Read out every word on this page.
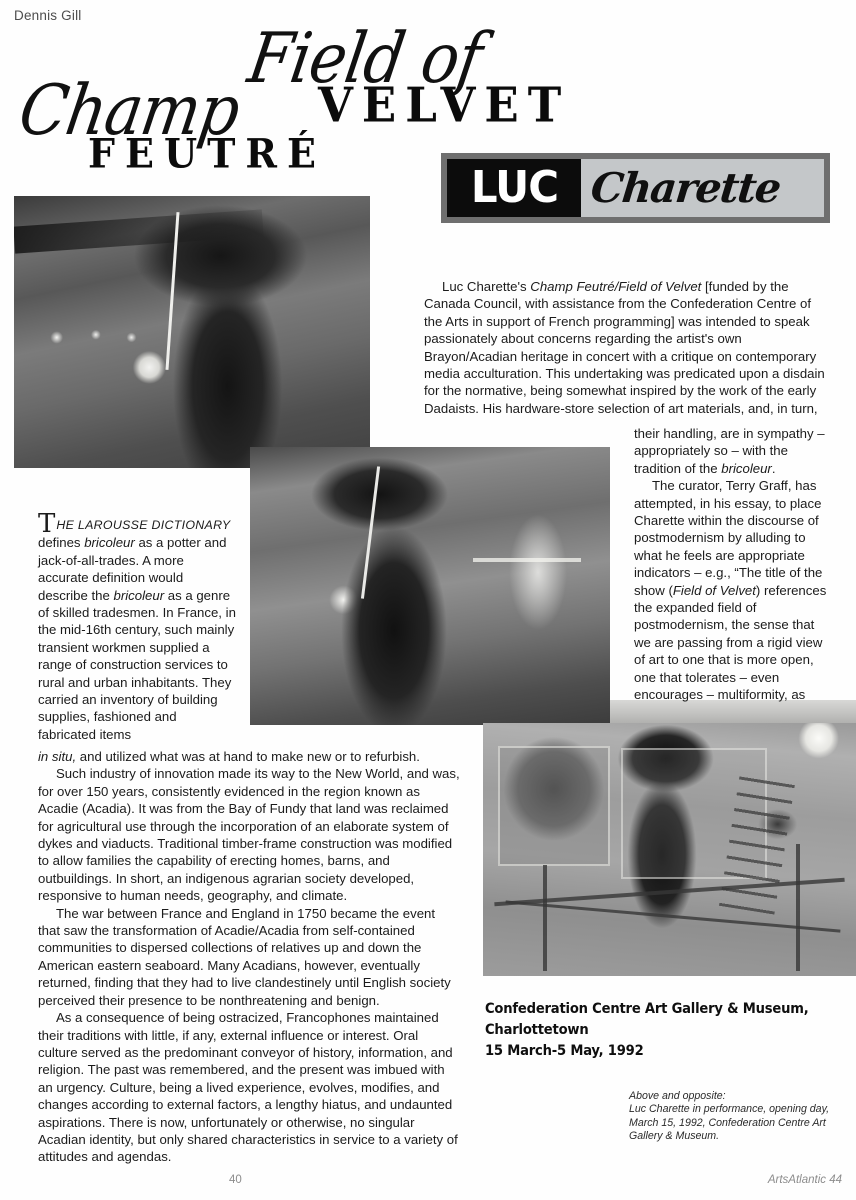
Dennis Gill
Field of
VELVET
Champ
FEUTRÉ
LUC Charette

Luc Charette's Champ Feutré/Field of Velvet [funded by the Canada Council, with assistance from the Confederation Centre of the Arts in support of French programming] was intended to speak passionately about concerns regarding the artist's own Brayon/Acadian heritage in concert with a critique on contemporary media acculturation. This undertaking was predicated upon a disdain for the normative, being somewhat inspired by the work of the early Dadaists. His hardware-store selection of art materials, and, in turn,

their handling, are in sympathy – appropriately so – with the tradition of the bricoleur.

The curator, Terry Graff, has attempted, in his essay, to place Charette within the discourse of postmodernism by alluding to what he feels are appropriate indicators – e.g., “The title of the show (Field of Velvet) references the expanded field of postmodernism, the sense that we are passing from a rigid view of art to one that is more open, one that tolerates – even encourages – multiformity, as

THE LAROUSSE DICTIONARY defines bricoleur as a potter and jack-of-all-trades. A more accurate definition would describe the bricoleur as a genre of skilled tradesmen. In France, in the mid-16th century, such mainly transient workmen supplied a range of construction services to rural and urban inhabitants. They carried an inventory of building supplies, fashioned and fabricated items

in situ, and utilized what was at hand to make new or to refurbish.

Such industry of innovation made its way to the New World, and was, for over 150 years, consistently evidenced in the region known as Acadie (Acadia). It was from the Bay of Fundy that land was reclaimed for agricultural use through the incorporation of an elaborate system of dykes and viaducts. Traditional timber-frame construction was modified to allow families the capability of erecting homes, barns, and outbuildings. In short, an indigenous agrarian society developed, responsive to human needs, geography, and climate.

The war between France and England in 1750 became the event that saw the transformation of Acadie/Acadia from self-contained communities to dispersed collections of relatives up and down the American eastern seaboard. Many Acadians, however, eventually returned, finding that they had to live clandestinely until English society perceived their presence to be nonthreatening and benign.

As a consequence of being ostracized, Francophones maintained their traditions with little, if any, external influence or interest. Oral culture served as the predominant conveyor of history, information, and religion. The past was remembered, and the present was imbued with an urgency. Culture, being a lived experience, evolves, modifies, and changes according to external factors, a lengthy hiatus, and undaunted aspirations. There is now, unfortunately or otherwise, no singular Acadian identity, but only shared characteristics in service to a variety of attitudes and agendas.

Confederation Centre Art Gallery & Museum,
Charlottetown
15 March-5 May, 1992
Above and opposite:
Luc Charette in performance, opening day,
March 15, 1992, Confederation Centre Art
Gallery & Museum.
40	ArtsAtlantic 44
